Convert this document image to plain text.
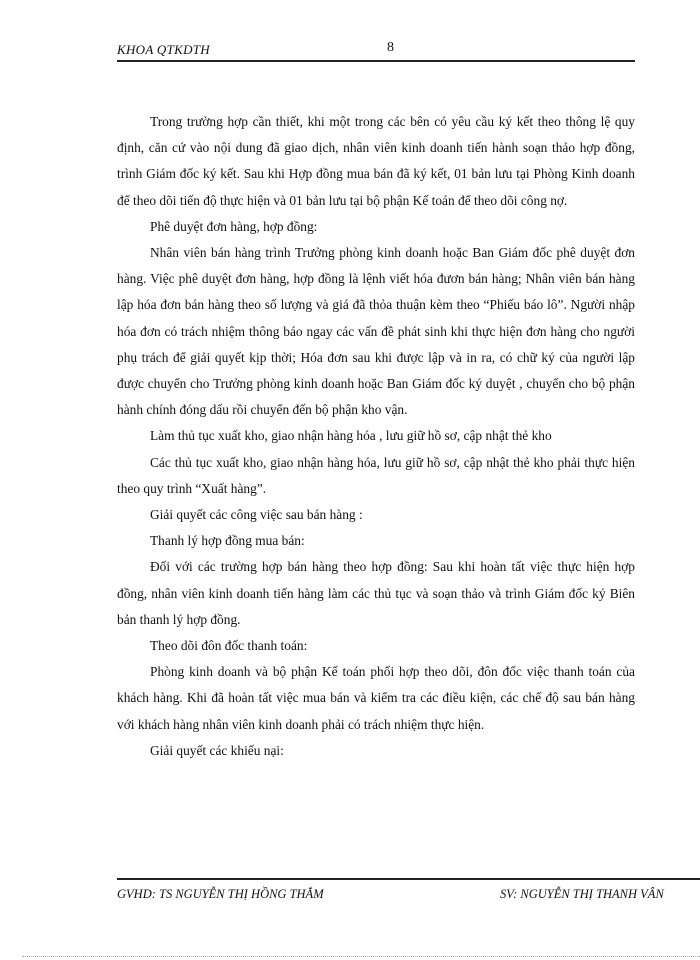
KHOA QTKDTH	8

Trong trường hợp cần thiết, khi một trong các bên có yêu cầu ký kết theo thông lệ quy định, căn cứ vào nội dung đã giao dịch, nhân viên kinh doanh tiến hành soạn thảo hợp đồng, trình Giám đốc ký kết. Sau khi Hợp đồng mua bán đã ký kết, 01 bản lưu tại Phòng Kinh doanh để theo dõi tiến độ thực hiện và 01 bản lưu tại bộ phận Kế toán để theo dõi công nợ.

Phê duyệt đơn hàng, hợp đồng:

Nhân viên bán hàng trình Trưởng phòng kinh doanh hoặc Ban Giám đốc phê duyệt đơn hàng. Việc phê duyệt đơn hàng, hợp đồng là lệnh viết hóa đươn bán hàng; Nhân viên bán hàng lập hóa đơn bán hàng theo số lượng và giá đã thỏa thuận kèm theo “Phiếu báo lô”. Người nhập hóa đơn có trách nhiệm thông báo ngay các vấn đề phát sinh khi thực hiện đơn hàng cho người phụ trách để giải quyết kịp thời; Hóa đơn sau khi được lập và in ra, có chữ ký của người lập được chuyển cho Trưởng phòng kinh doanh hoặc Ban Giám đốc ký duyệt , chuyển cho bộ phận hành chính đóng dấu rồi chuyển đến bộ phận kho vận.

Làm thủ tục xuất kho, giao nhận hàng hóa , lưu giữ hồ sơ, cập nhật thẻ kho

Các thủ tục xuất kho, giao nhận hàng hóa, lưu giữ hồ sơ, cập nhật thẻ kho phải thực hiện theo quy trình “Xuất hàng”.

Giải quyết các công việc sau bán hàng :

Thanh lý hợp đồng mua bán:

Đối với các trường hợp bán hàng theo hợp đồng: Sau khi hoàn tất việc thực hiện hợp đồng, nhân viên kinh doanh tiến hàng làm các thủ tục và soạn thảo và trình Giám đốc ký Biên bản thanh lý hợp đồng.

Theo dõi đôn đốc thanh toán:

Phòng kinh doanh và bộ phận Kế toán phối hợp theo dõi, đôn đốc việc thanh toán của khách hàng. Khi đã hoàn tất việc mua bán và kiểm tra các điều kiện, các chế độ sau bán hàng với khách hàng nhân viên kinh doanh phải có trách nhiệm thực hiện.

Giải quyết các khiếu nại:

GVHD: TS NGUYỄN THỊ HỒNG THẮM	SV: NGUYỄN THỊ THANH VÂN
